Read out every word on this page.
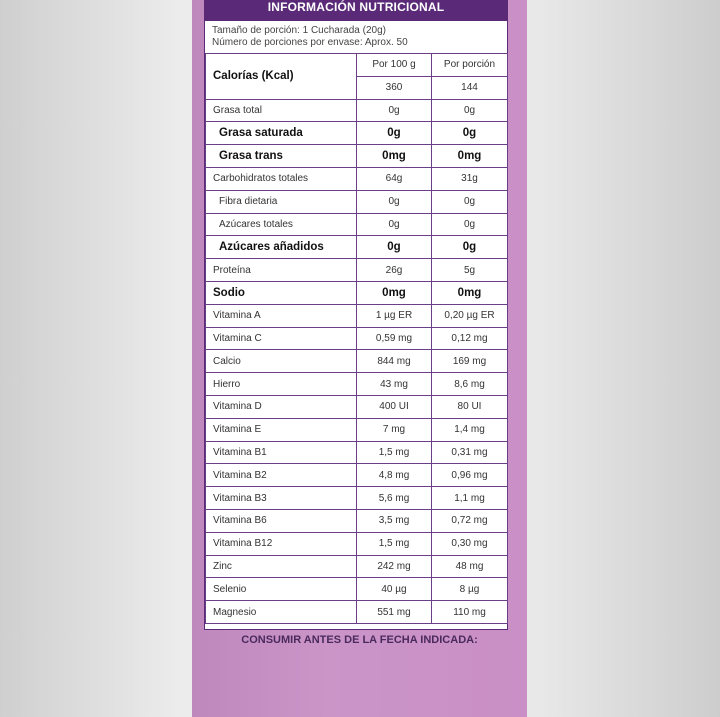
INFORMACIÓN NUTRICIONAL
Tamaño de porción: 1 Cucharada (20g)
Número de porciones por envase: Aprox. 50
Calorías (Kcal)	Por 100 g	Por porción
	360	144
Grasa total	0g	0g
Grasa saturada	0g	0g
Grasa trans	0mg	0mg
Carbohidratos totales	64g	31g
Fibra dietaria	0g	0g
Azúcares totales	0g	0g
Azúcares añadidos	0g	0g
Proteína	26g	5g
Sodio	0mg	0mg
Vitamina A	1 µg ER	0,20 µg ER
Vitamina C	0,59 mg	0,12 mg
Calcio	844 mg	169 mg
Hierro	43 mg	8,6 mg
Vitamina D	400 UI	80 UI
Vitamina E	7 mg	1,4 mg
Vitamina B1	1,5 mg	0,31 mg
Vitamina B2	4,8 mg	0,96 mg
Vitamina B3	5,6 mg	1,1 mg
Vitamina B6	3,5 mg	0,72 mg
Vitamina B12	1,5 mg	0,30 mg
Zinc	242 mg	48 mg
Selenio	40 µg	8 µg
Magnesio	551 mg	110 mg
CONSUMIR ANTES DE LA FECHA INDICADA:
